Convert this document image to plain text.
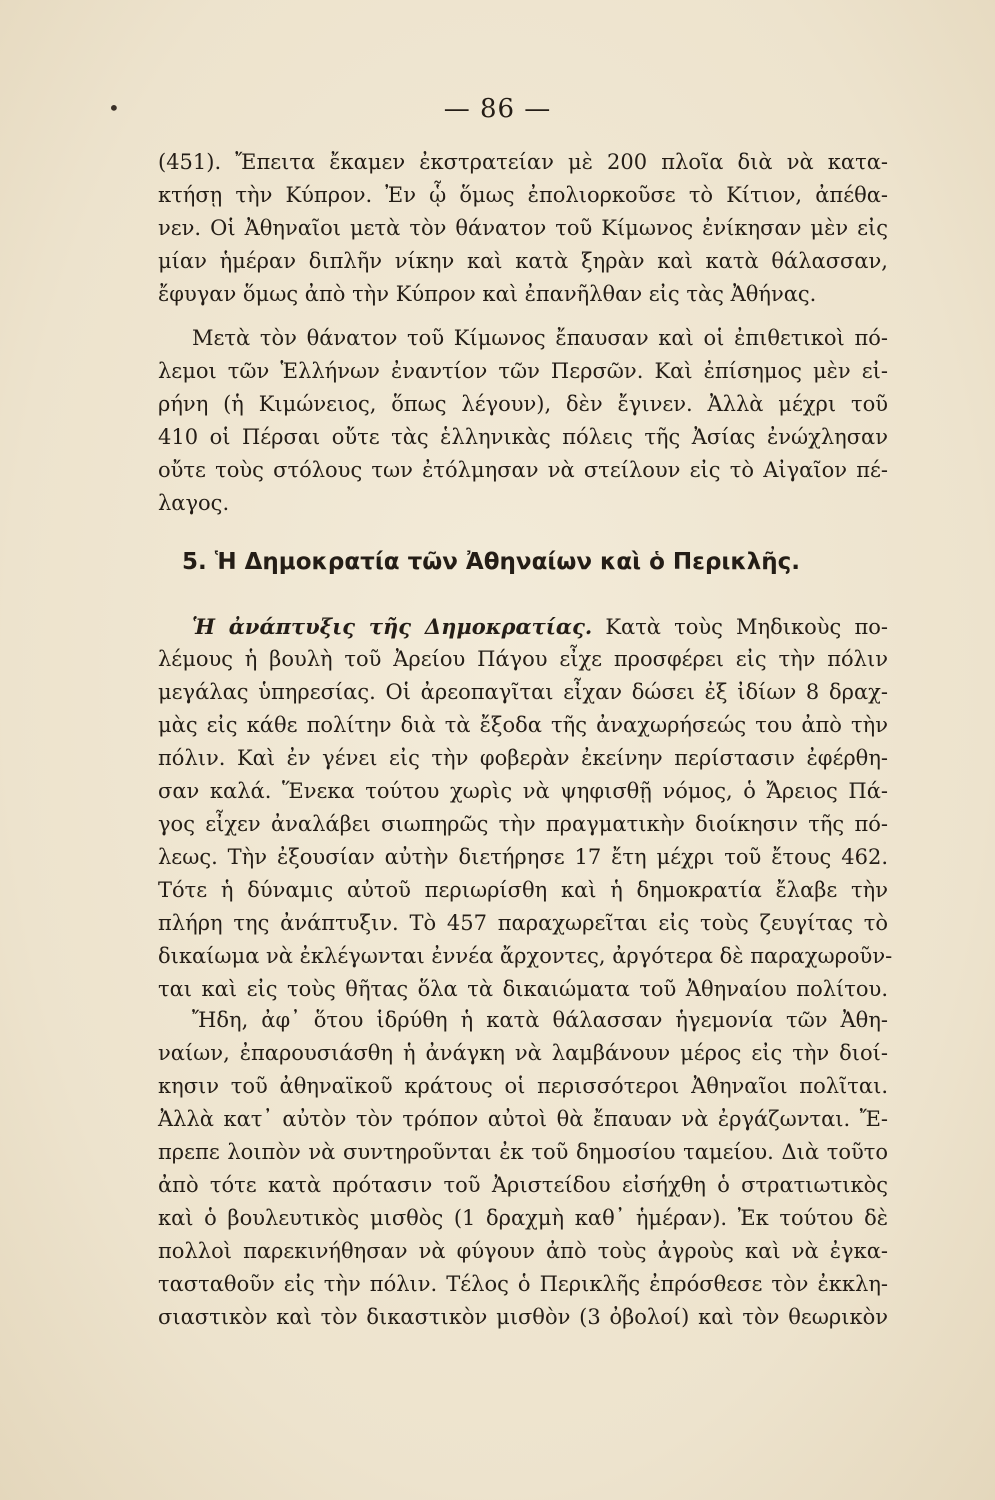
•	— 86 —
(451). Ἔπειτα ἔκαμεν ἐκστρατείαν μὲ 200 πλοῖα διὰ νὰ κατα-
κτήσῃ τὴν Κύπρον. Ἐν ᾧ ὅμως ἐπολιορκοῦσε τὸ Κίτιον, ἀπέθα-
νεν. Οἱ Ἀθηναῖοι μετὰ τὸν θάνατον τοῦ Κίμωνος ἐνίκησαν μὲν εἰς
μίαν ἡμέραν διπλῆν νίκην καὶ κατὰ ξηρὰν καὶ κατὰ θάλασσαν,
ἔφυγαν ὅμως ἀπὸ τὴν Κύπρον καὶ ἐπανῆλθαν εἰς τὰς Ἀθήνας.
Μετὰ τὸν θάνατον τοῦ Κίμωνος ἔπαυσαν καὶ οἱ ἐπιθετικοὶ πό-
λεμοι τῶν Ἑλλήνων ἐναντίον τῶν Περσῶν. Καὶ ἐπίσημος μὲν εἰ-
ρήνη (ἡ Κιμώνειος, ὅπως λέγουν), δὲν ἔγινεν. Ἀλλὰ μέχρι τοῦ
410 οἱ Πέρσαι οὔτε τὰς ἑλληνικὰς πόλεις τῆς Ἀσίας ἐνώχλησαν
οὔτε τοὺς στόλους των ἐτόλμησαν νὰ στείλουν εἰς τὸ Αἰγαῖον πέ-
λαγος.
5. Ἡ Δημοκρατία τῶν Ἀθηναίων καὶ ὁ Περικλῆς.
Ἡ ἀνάπτυξις τῆς Δημοκρατίας. Κατὰ τοὺς Μηδικοὺς πο-
λέμους ἡ βουλὴ τοῦ Ἀρείου Πάγου εἶχε προσφέρει εἰς τὴν πόλιν
μεγάλας ὑπηρεσίας. Οἱ ἀρεοπαγῖται εἶχαν δώσει ἐξ ἰδίων 8 δραχ-
μὰς εἰς κάθε πολίτην διὰ τὰ ἔξοδα τῆς ἀναχωρήσεώς του ἀπὸ τὴν
πόλιν. Καὶ ἐν γένει εἰς τὴν φοβερὰν ἐκείνην περίστασιν ἐφέρθη-
σαν καλά. Ἕνεκα τούτου χωρὶς νὰ ψηφισθῇ νόμος, ὁ Ἄρειος Πά-
γος εἶχεν ἀναλάβει σιωπηρῶς τὴν πραγματικὴν διοίκησιν τῆς πό-
λεως. Τὴν ἐξουσίαν αὐτὴν διετήρησε 17 ἔτη μέχρι τοῦ ἔτους 462.
Τότε ἡ δύναμις αὐτοῦ περιωρίσθη καὶ ἡ δημοκρατία ἔλαβε τὴν
πλήρη της ἀνάπτυξιν. Τὸ 457 παραχωρεῖται εἰς τοὺς ζευγίτας τὸ
δικαίωμα νὰ ἐκλέγωνται ἐννέα ἄρχοντες, ἀργότερα δὲ παραχωροῦν-
ται καὶ εἰς τοὺς θῆτας ὅλα τὰ δικαιώματα τοῦ Ἀθηναίου πολίτου.
Ἤδη, ἀφ᾽ ὅτου ἱδρύθη ἡ κατὰ θάλασσαν ἡγεμονία τῶν Ἀθη-
ναίων, ἐπαρουσιάσθη ἡ ἀνάγκη νὰ λαμβάνουν μέρος εἰς τὴν διοί-
κησιν τοῦ ἀθηναϊκοῦ κράτους οἱ περισσότεροι Ἀθηναῖοι πολῖται.
Ἀλλὰ κατ᾽ αὐτὸν τὸν τρόπον αὐτοὶ θὰ ἔπαυαν νὰ ἐργάζωνται. Ἔ-
πρεπε λοιπὸν νὰ συντηροῦνται ἐκ τοῦ δημοσίου ταμείου. Διὰ τοῦτο
ἀπὸ τότε κατὰ πρότασιν τοῦ Ἀριστείδου εἰσήχθη ὁ στρατιωτικὸς
καὶ ὁ βουλευτικὸς μισθὸς (1 δραχμὴ καθ᾽ ἡμέραν). Ἐκ τούτου δὲ
πολλοὶ παρεκινήθησαν νὰ φύγουν ἀπὸ τοὺς ἀγροὺς καὶ νὰ ἐγκα-
τασταθοῦν εἰς τὴν πόλιν. Τέλος ὁ Περικλῆς ἐπρόσθεσε τὸν ἐκκλη-
σιαστικὸν καὶ τὸν δικαστικὸν μισθὸν (3 ὀβολοί) καὶ τὸν θεωρικὸν
